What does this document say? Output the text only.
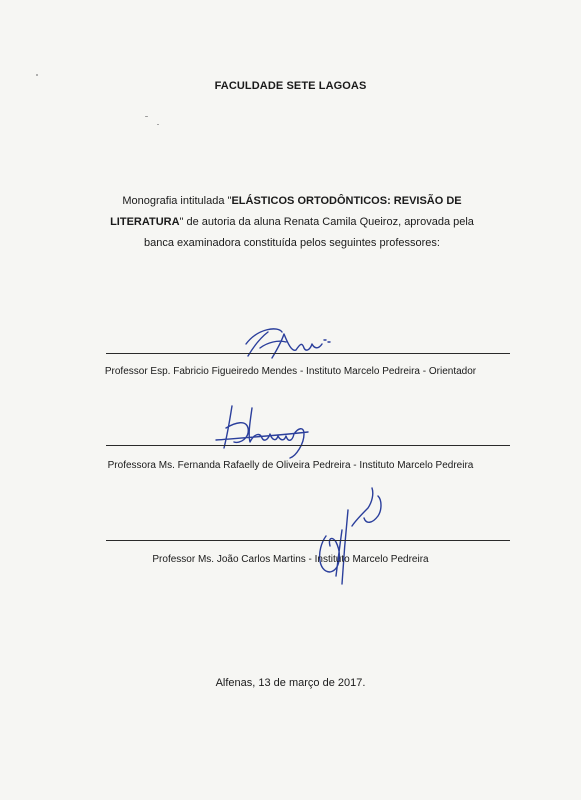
FACULDADE SETE LAGOAS

Monografia intitulada "ELÁSTICOS ORTODÔNTICOS: REVISÃO DE LITERATURA" de autoria da aluna Renata Camila Queiroz, aprovada pela banca examinadora constituída pelos seguintes professores:

Professor Esp. Fabricio Figueiredo Mendes - Instituto Marcelo Pedreira - Orientador
Professora Ms. Fernanda Rafaelly de Oliveira Pedreira - Instituto Marcelo Pedreira
Professor Ms. João Carlos Martins - Instituto Marcelo Pedreira
Alfenas, 13 de março de 2017.
